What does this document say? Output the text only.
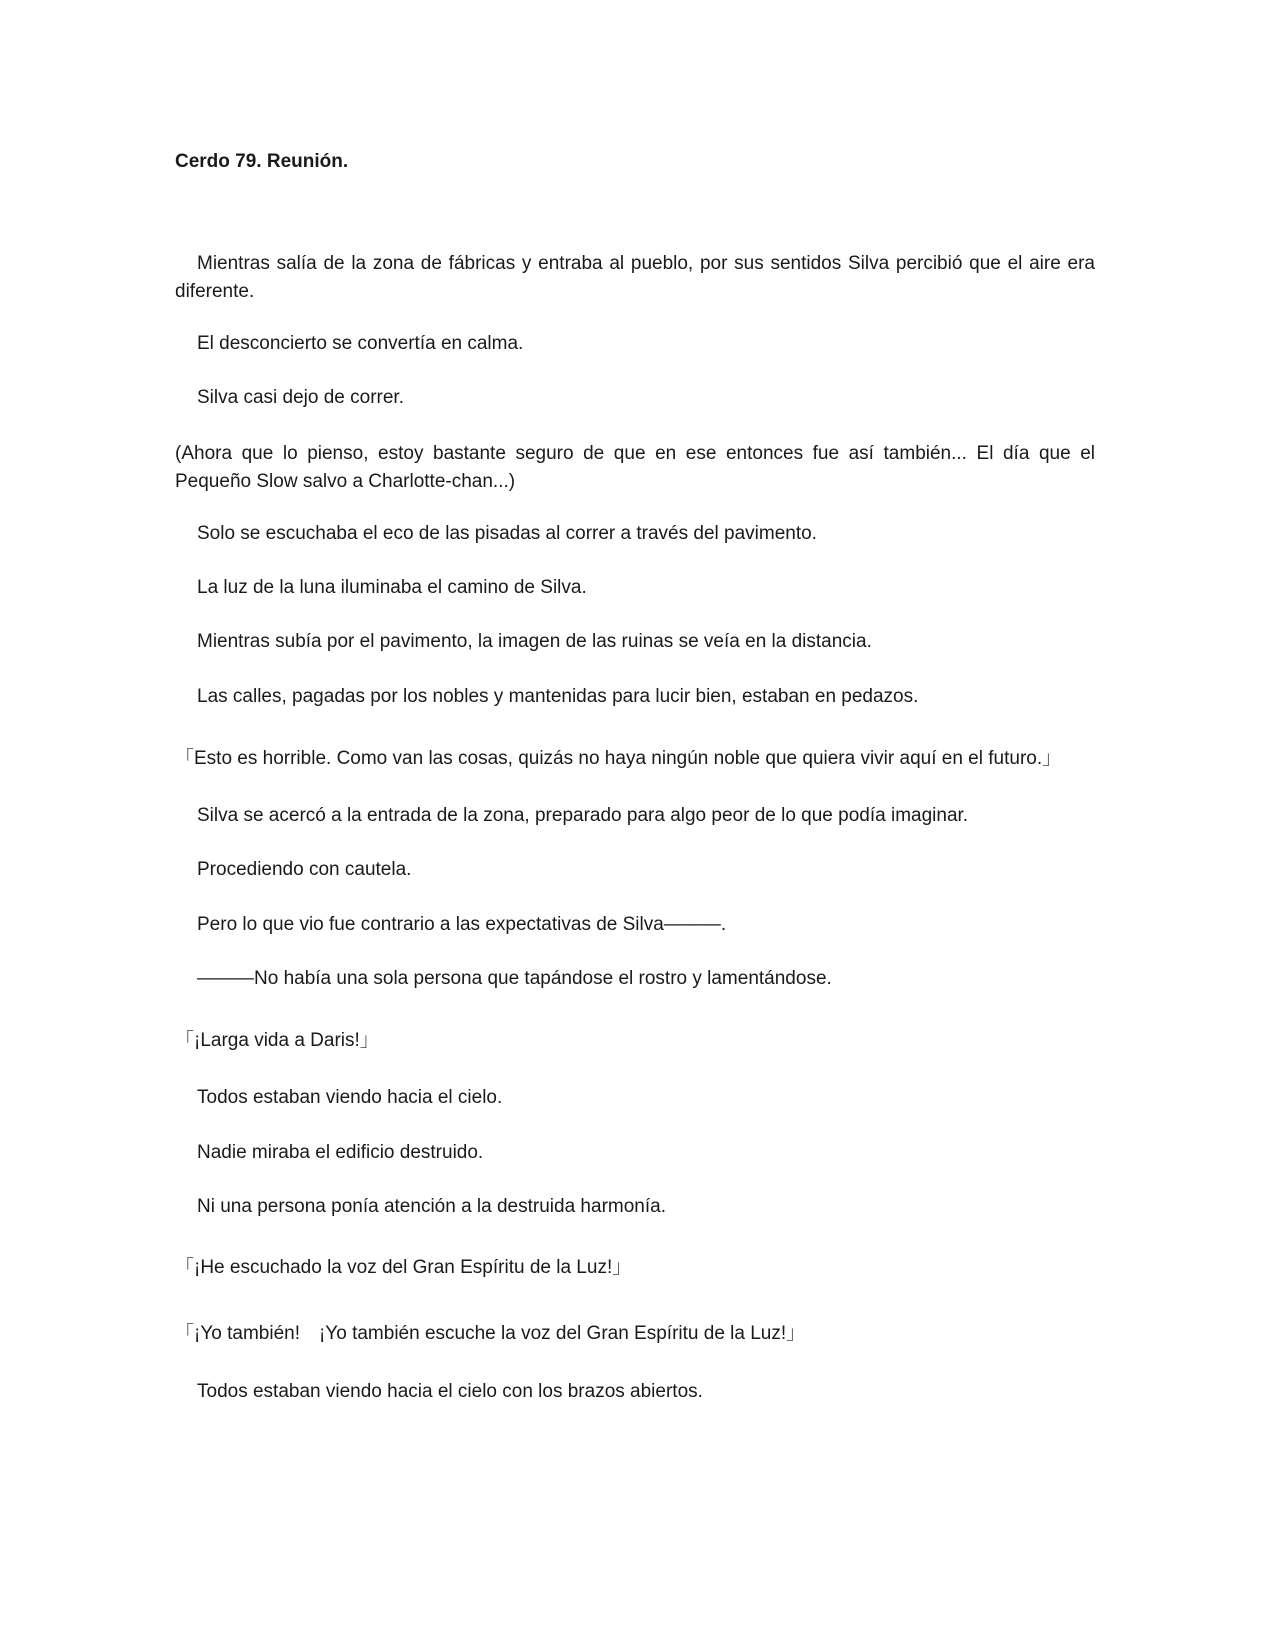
Cerdo 79. Reunión.

Mientras salía de la zona de fábricas y entraba al pueblo, por sus sentidos Silva percibió que el aire era diferente.

El desconcierto se convertía en calma.

Silva casi dejo de correr.

(Ahora que lo pienso, estoy bastante seguro de que en ese entonces fue así también... El día que el Pequeño Slow salvo a Charlotte-chan...)

Solo se escuchaba el eco de las pisadas al correr a través del pavimento.

La luz de la luna iluminaba el camino de Silva.

Mientras subía por el pavimento, la imagen de las ruinas se veía en la distancia.

Las calles, pagadas por los nobles y mantenidas para lucir bien, estaban en pedazos.

「Esto es horrible. Como van las cosas, quizás no haya ningún noble que quiera vivir aquí en el futuro.」

Silva se acercó a la entrada de la zona, preparado para algo peor de lo que podía imaginar.

Procediendo con cautela.

Pero lo que vio fue contrario a las expectativas de Silva———.

———No había una sola persona que tapándose el rostro y lamentándose.

「¡Larga vida a Daris!」

Todos estaban viendo hacia el cielo.

Nadie miraba el edificio destruido.

Ni una persona ponía atención a la destruida harmonía.

「¡He escuchado la voz del Gran Espíritu de la Luz!」

「¡Yo también!　¡Yo también escuche la voz del Gran Espíritu de la Luz!」

Todos estaban viendo hacia el cielo con los brazos abiertos.
